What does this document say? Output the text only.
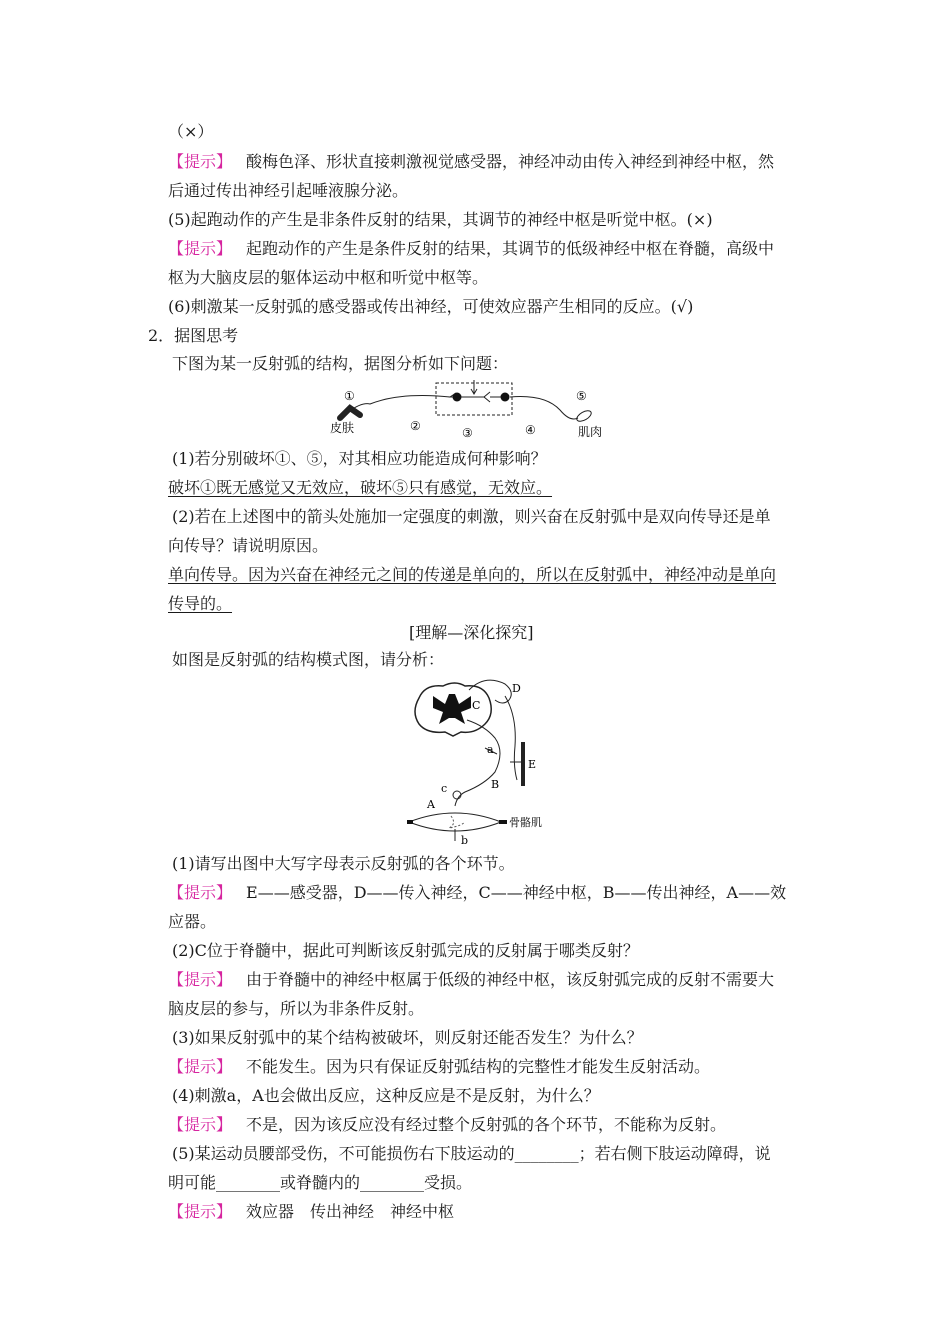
（×）
【提示】 酸梅色泽、形状直接刺激视觉感受器，神经冲动由传入神经到神经中枢，然
后通过传出神经引起唾液腺分泌。
(5)起跑动作的产生是非条件反射的结果，其调节的神经中枢是听觉中枢。(×)
【提示】 起跑动作的产生是条件反射的结果，其调节的低级神经中枢在脊髓，高级中
枢为大脑皮层的躯体运动中枢和听觉中枢等。
(6)刺激某一反射弧的感受器或传出神经，可使效应器产生相同的反应。(√)
2．据图思考
下图为某一反射弧的结构，据图分析如下问题：
①
皮肤	②	③	④
⑤
肌肉
(1)若分别破坏①、⑤，对其相应功能造成何种影响？
破坏①既无感觉又无效应，破坏⑤只有感觉，无效应。
(2)若在上述图中的箭头处施加一定强度的刺激，则兴奋在反射弧中是双向传导还是单
向传导？请说明原因。
单向传导。因为兴奋在神经元之间的传递是单向的，所以在反射弧中，神经冲动是单向
传导的。
[理解—深化探究]
如图是反射弧的结构模式图，请分析：
C
D
a
E
B
c
A
骨骼肌
b
(1)请写出图中大写字母表示反射弧的各个环节。
【提示】 E——感受器，D——传入神经，C——神经中枢，B——传出神经，A——效
应器。
(2)C位于脊髓中，据此可判断该反射弧完成的反射属于哪类反射？
【提示】 由于脊髓中的神经中枢属于低级的神经中枢，该反射弧完成的反射不需要大
脑皮层的参与，所以为非条件反射。
(3)如果反射弧中的某个结构被破坏，则反射还能否发生？为什么？
【提示】 不能发生。因为只有保证反射弧结构的完整性才能发生反射活动。
(4)刺激a，A也会做出反应，这种反应是不是反射，为什么？
【提示】 不是，因为该反应没有经过整个反射弧的各个环节，不能称为反射。
(5)某运动员腰部受伤，不可能损伤右下肢运动的________；若右侧下肢运动障碍，说
明可能________或脊髓内的________受损。
【提示】 效应器　传出神经　神经中枢
